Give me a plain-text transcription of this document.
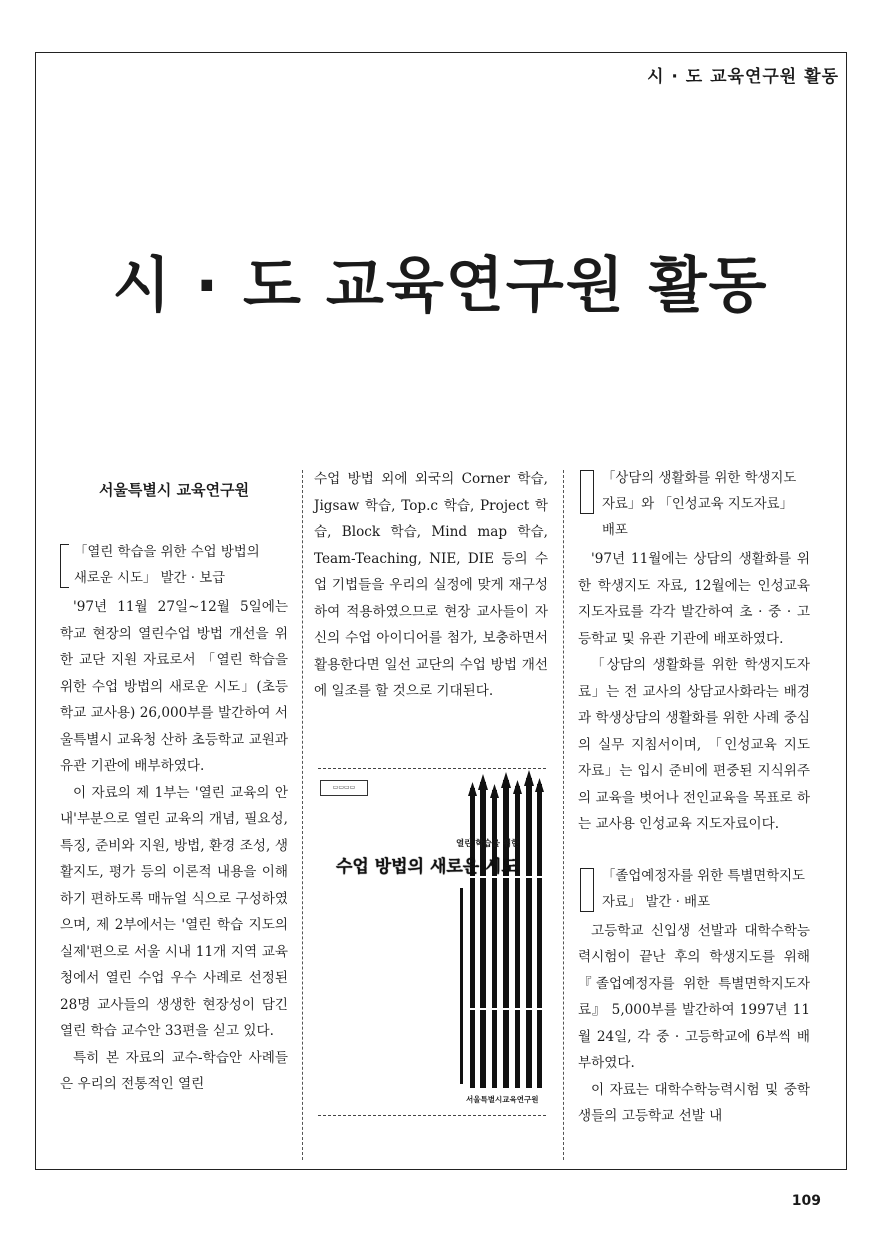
시 · 도 교육연구원 활동
시 · 도 교육연구원 활동
서울특별시 교육연구원
「열린 학습을 위한 수업 방법의
새로운 시도」 발간 · 보급

'97년 11월 27일∼12월 5일에는 학교 현장의 열린수업 방법 개선을 위한 교단 지원 자료로서 「열린 학습을 위한 수업 방법의 새로운 시도」(초등학교 교사용) 26,000부를 발간하여 서울특별시 교육청 산하 초등학교 교원과 유관 기관에 배부하였다.

이 자료의 제 1부는 '열린 교육의 안내'부분으로 열린 교육의 개념, 필요성, 특징, 준비와 지원, 방법, 환경 조성, 생활지도, 평가 등의 이론적 내용을 이해하기 편하도록 매뉴얼 식으로 구성하였으며, 제 2부에서는 '열린 학습 지도의 실제'편으로 서울 시내 11개 지역 교육청에서 열린 수업 우수 사례로 선정된 28명 교사들의 생생한 현장성이 담긴 열린 학습 교수안 33편을 싣고 있다.

특히 본 자료의 교수-학습안 사례들은 우리의 전통적인 열린

수업 방법 외에 외국의 Corner 학습, Jigsaw 학습, Top.c 학습, Project 학습, Block 학습, Mind map 학습, Team-Teaching, NIE, DIE 등의 수업 기법들을 우리의 실정에 맞게 재구성하여 적용하였으므로 현장 교사들이 자신의 수업 아이디어를 첨가, 보충하면서 활용한다면 일선 교단의 수업 방법 개선에 일조를 할 것으로 기대된다.

▭▭▭▭
열린 학습을 위한
수업 방법의 새로운 시도
서울특별시교육연구원
「상담의 생활화를 위한 학생지도
자료」와 「인성교육 지도자료」 배포

'97년 11월에는 상담의 생활화를 위한 학생지도 자료, 12월에는 인성교육 지도자료를 각각 발간하여 초 · 중 · 고등학교 및 유관 기관에 배포하였다.

「상담의 생활화를 위한 학생지도자료」는 전 교사의 상담교사화라는 배경과 학생상담의 생활화를 위한 사례 중심의 실무 지침서이며, 「인성교육 지도자료」는 입시 준비에 편중된 지식위주의 교육을 벗어나 전인교육을 목표로 하는 교사용 인성교육 지도자료이다.

「졸업예정자를 위한 특별면학지도
자료」 발간 · 배포

고등학교 신입생 선발과 대학수학능력시험이 끝난 후의 학생지도를 위해 『졸업예정자를 위한 특별면학지도자료』 5,000부를 발간하여 1997년 11월 24일, 각 중 · 고등학교에 6부씩 배부하였다.

이 자료는 대학수학능력시험 및 중학생들의 고등학교 선발 내

109
